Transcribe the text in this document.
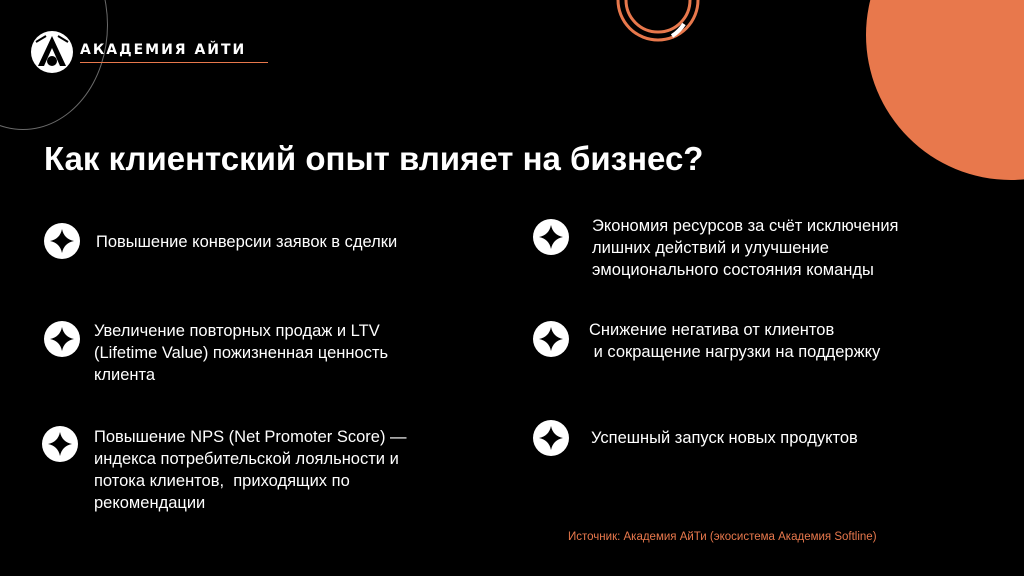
АКАДЕМИЯ АЙТИ
Как клиентский опыт влияет на бизнес?
Повышение конверсии заявок в сделки
Увеличение повторных продаж и LTV
(Lifetime Value) пожизненная ценность
клиента
Повышение NPS (Net Promoter Score) —
индекса потребительской лояльности и
потока клиентов,  приходящих по
рекомендации
Экономия ресурсов за счёт исключения
лишних действий и улучшение
эмоционального состояния команды
Снижение негатива от клиентов
и сокращение нагрузки на поддержку
Успешный запуск новых продуктов
Источник: Академия АйТи (экосистема Академия Softline)
